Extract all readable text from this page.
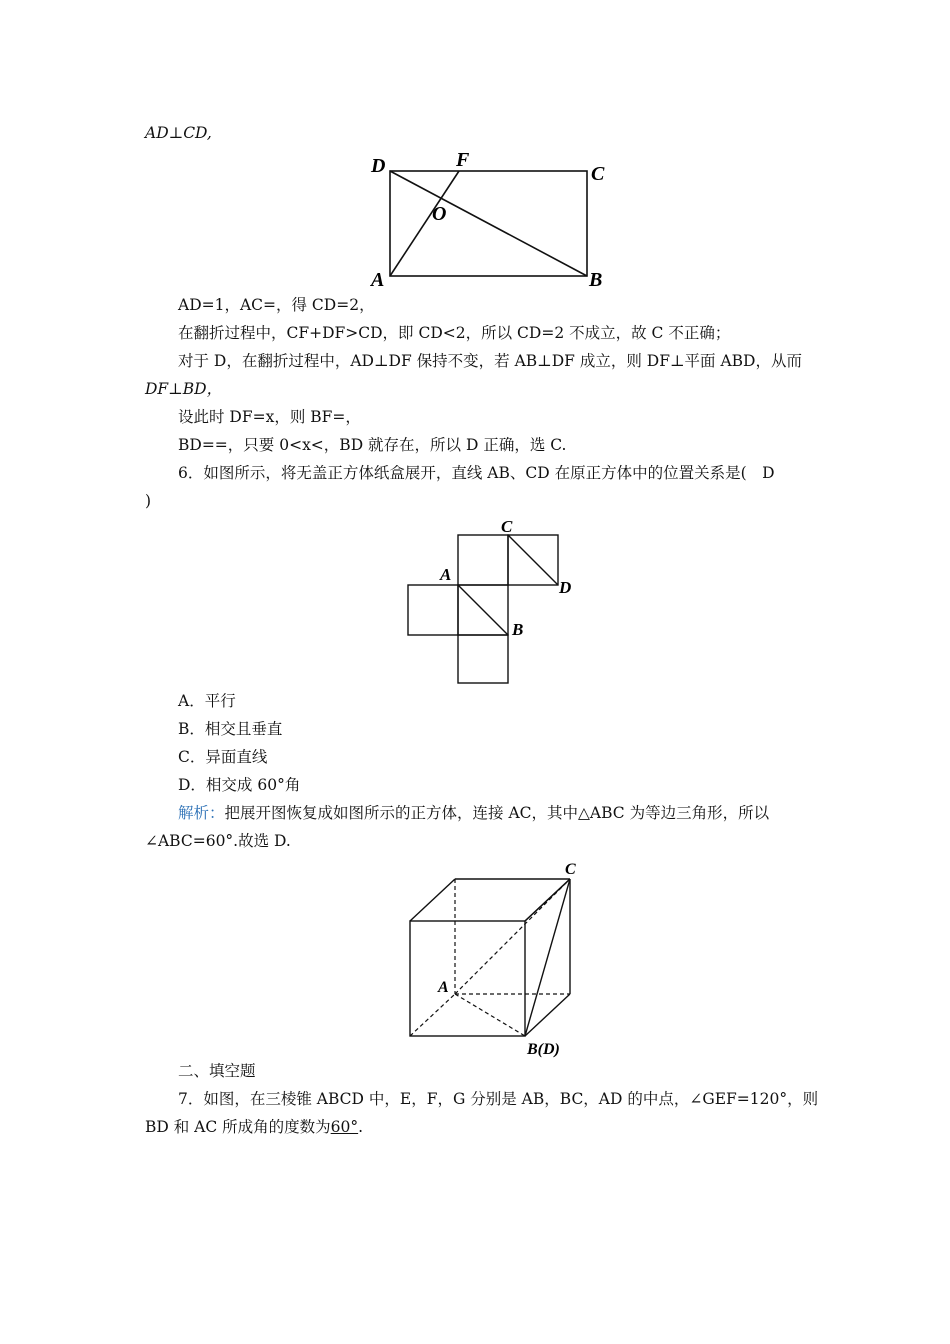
AD⊥CD,
D	F
C
O
A	B
AD=1，AC=，得 CD=2，
在翻折过程中，CF+DF>CD，即 CD<2，所以 CD=2 不成立，故 C 不正确；
对于 D，在翻折过程中，AD⊥DF 保持不变，若 AB⊥DF 成立，则 DF⊥平面 ABD，从而
DF⊥BD，
设此时 DF=x，则 BF=，
BD==，只要 0<x<，BD 就存在，所以 D 正确，选 C.
6．如图所示，将无盖正方体纸盒展开，直线 AB、CD 在原正方体中的位置关系是(　D
)
C
A
D
B
A．平行
B．相交且垂直
C．异面直线
D．相交成 60°角
解析：把展开图恢复成如图所示的正方体，连接 AC，其中△ABC 为等边三角形，所以
∠ABC=60°.故选 D.
C
A
B(D)
二、填空题
7．如图，在三棱锥 ABCD 中，E，F，G 分别是 AB，BC，AD 的中点，∠GEF=120°，则
BD 和 AC 所成角的度数为60°.
